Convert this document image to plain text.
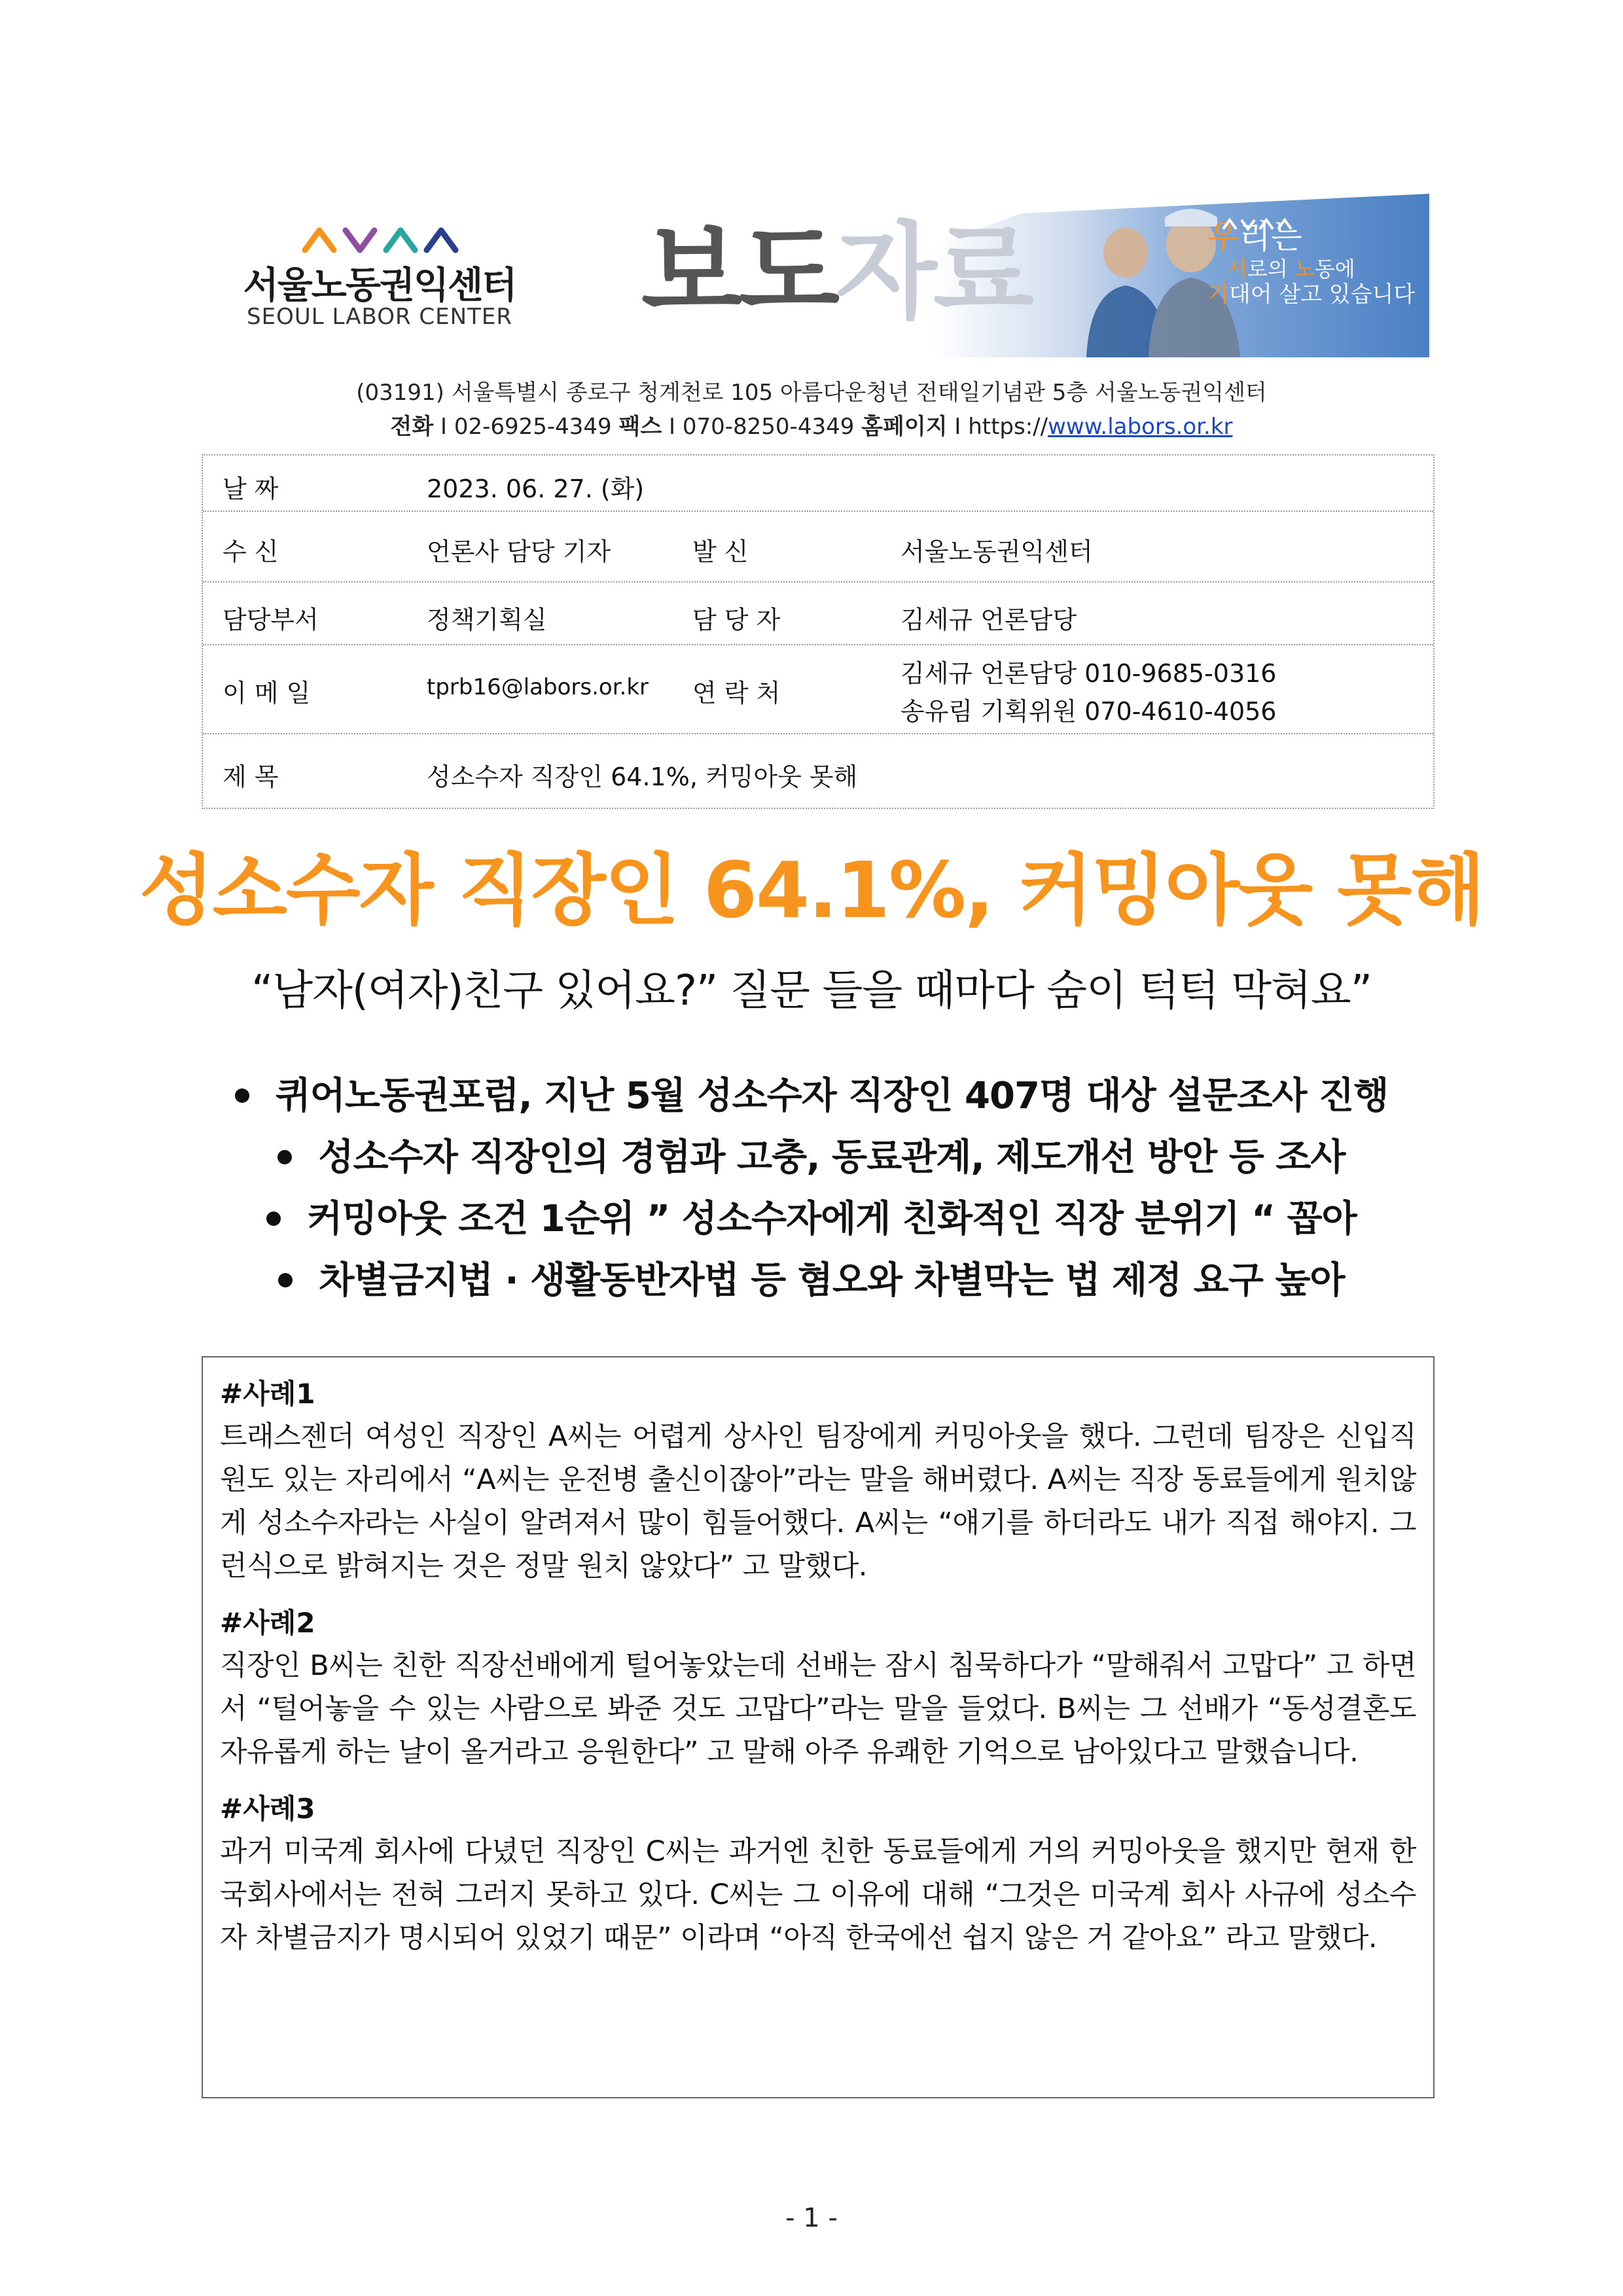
서울노동권익센터
SEOUL LABOR CENTER 보도자료	우리는
서로의 노동에
기대어 살고 있습니다
(03191) 서울특별시 종로구 청계천로 105 아름다운청년 전태일기념관 5층 서울노동권익센터
전화 I 02-6925-4349 팩스 I 070-8250-4349 홈페이지 I https://www.labors.or.kr
날 짜	2023. 06. 27. (화)
수 신	언론사 담당 기자	발 신	서울노동권익센터
담당부서	정책기획실	담 당 자	김세규 언론담당
이 메 일	tprb16@labors.or.kr 연 락 처
김세규 언론담당 010-9685-0316
송유림 기획위원 070-4610-4056
제 목	성소수자 직장인 64.1%, 커밍아웃 못해
성소수자 직장인 64.1%, 커밍아웃 못해
“남자(여자)친구 있어요?” 질문 들을 때마다 숨이 턱턱 막혀요”
퀴어노동권포럼, 지난 5월 성소수자 직장인 407명 대상 설문조사 진행
성소수자 직장인의 경험과 고충, 동료관계, 제도개선 방안 등 조사
커밍아웃 조건 1순위 ” 성소수자에게 친화적인 직장 분위기 “ 꼽아
차별금지법 · 생활동반자법 등 혐오와 차별막는 법 제정 요구 높아
#사례1
트래스젠더 여성인 직장인 A씨는 어렵게 상사인 팀장에게 커밍아웃을 했다. 그런데 팀장은 신입직원도 있는 자리에서 “A씨는 운전병 출신이잖아”라는 말을 해버렸다. A씨는 직장 동료들에게 원치않게 성소수자라는 사실이 알려져서 많이 힘들어했다. A씨는 “얘기를 하더라도 내가 직접 해야지. 그런식으로 밝혀지는 것은 정말 원치 않았다” 고 말했다.
#사례2
직장인 B씨는 친한 직장선배에게 털어놓았는데 선배는 잠시 침묵하다가 “말해줘서 고맙다” 고 하면서 “털어놓을 수 있는 사람으로 봐준 것도 고맙다”라는 말을 들었다. B씨는 그 선배가 “동성결혼도 자유롭게 하는 날이 올거라고 응원한다” 고 말해 아주 유쾌한 기억으로 남아있다고 말했습니다.
#사례3
과거 미국계 회사에 다녔던 직장인 C씨는 과거엔 친한 동료들에게 거의 커밍아웃을 했지만 현재 한국회사에서는 전혀 그러지 못하고 있다. C씨는 그 이유에 대해 “그것은 미국계 회사 사규에 성소수자 차별금지가 명시되어 있었기 때문” 이라며 “아직 한국에선 쉽지 않은 거 같아요” 라고 말했다.
- 1 -
